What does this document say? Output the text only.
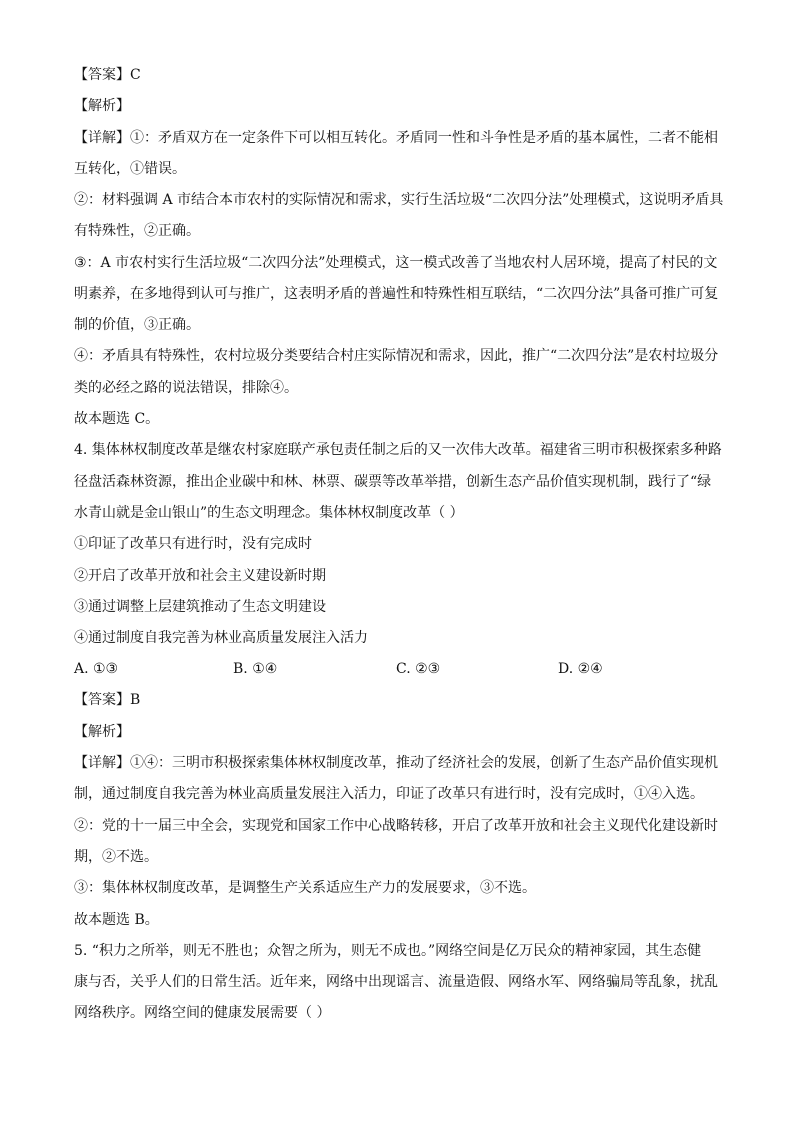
【答案】C
【解析】
【详解】①：矛盾双方在一定条件下可以相互转化。矛盾同一性和斗争性是矛盾的基本属性，二者不能相
互转化，①错误。
②：材料强调 A 市结合本市农村的实际情况和需求，实行生活垃圾“二次四分法”处理模式，这说明矛盾具
有特殊性，②正确。
③：A 市农村实行生活垃圾“二次四分法”处理模式，这一模式改善了当地农村人居环境，提高了村民的文
明素养，在多地得到认可与推广，这表明矛盾的普遍性和特殊性相互联结，“二次四分法”具备可推广可复
制的价值，③正确。
④：矛盾具有特殊性，农村垃圾分类要结合村庄实际情况和需求，因此，推广“二次四分法”是农村垃圾分
类的必经之路的说法错误，排除④。
故本题选 C。
4. 集体林权制度改革是继农村家庭联产承包责任制之后的又一次伟大改革。福建省三明市积极探索多种路
径盘活森林资源，推出企业碳中和林、林票、碳票等改革举措，创新生态产品价值实现机制，践行了“绿
水青山就是金山银山”的生态文明理念。集体林权制度改革（ ）
①印证了改革只有进行时，没有完成时
②开启了改革开放和社会主义建设新时期
③通过调整上层建筑推动了生态文明建设
④通过制度自我完善为林业高质量发展注入活力
A. ①③	B. ①④	C. ②③	D. ②④
【答案】B
【解析】
【详解】①④：三明市积极探索集体林权制度改革，推动了经济社会的发展，创新了生态产品价值实现机
制，通过制度自我完善为林业高质量发展注入活力，印证了改革只有进行时，没有完成时，①④入选。
②：党的十一届三中全会，实现党和国家工作中心战略转移，开启了改革开放和社会主义现代化建设新时
期，②不选。
③：集体林权制度改革，是调整生产关系适应生产力的发展要求，③不选。
故本题选 B。
5. “积力之所举，则无不胜也；众智之所为，则无不成也。”网络空间是亿万民众的精神家园，其生态健
康与否，关乎人们的日常生活。近年来，网络中出现谣言、流量造假、网络水军、网络骗局等乱象，扰乱
网络秩序。网络空间的健康发展需要（ ）
